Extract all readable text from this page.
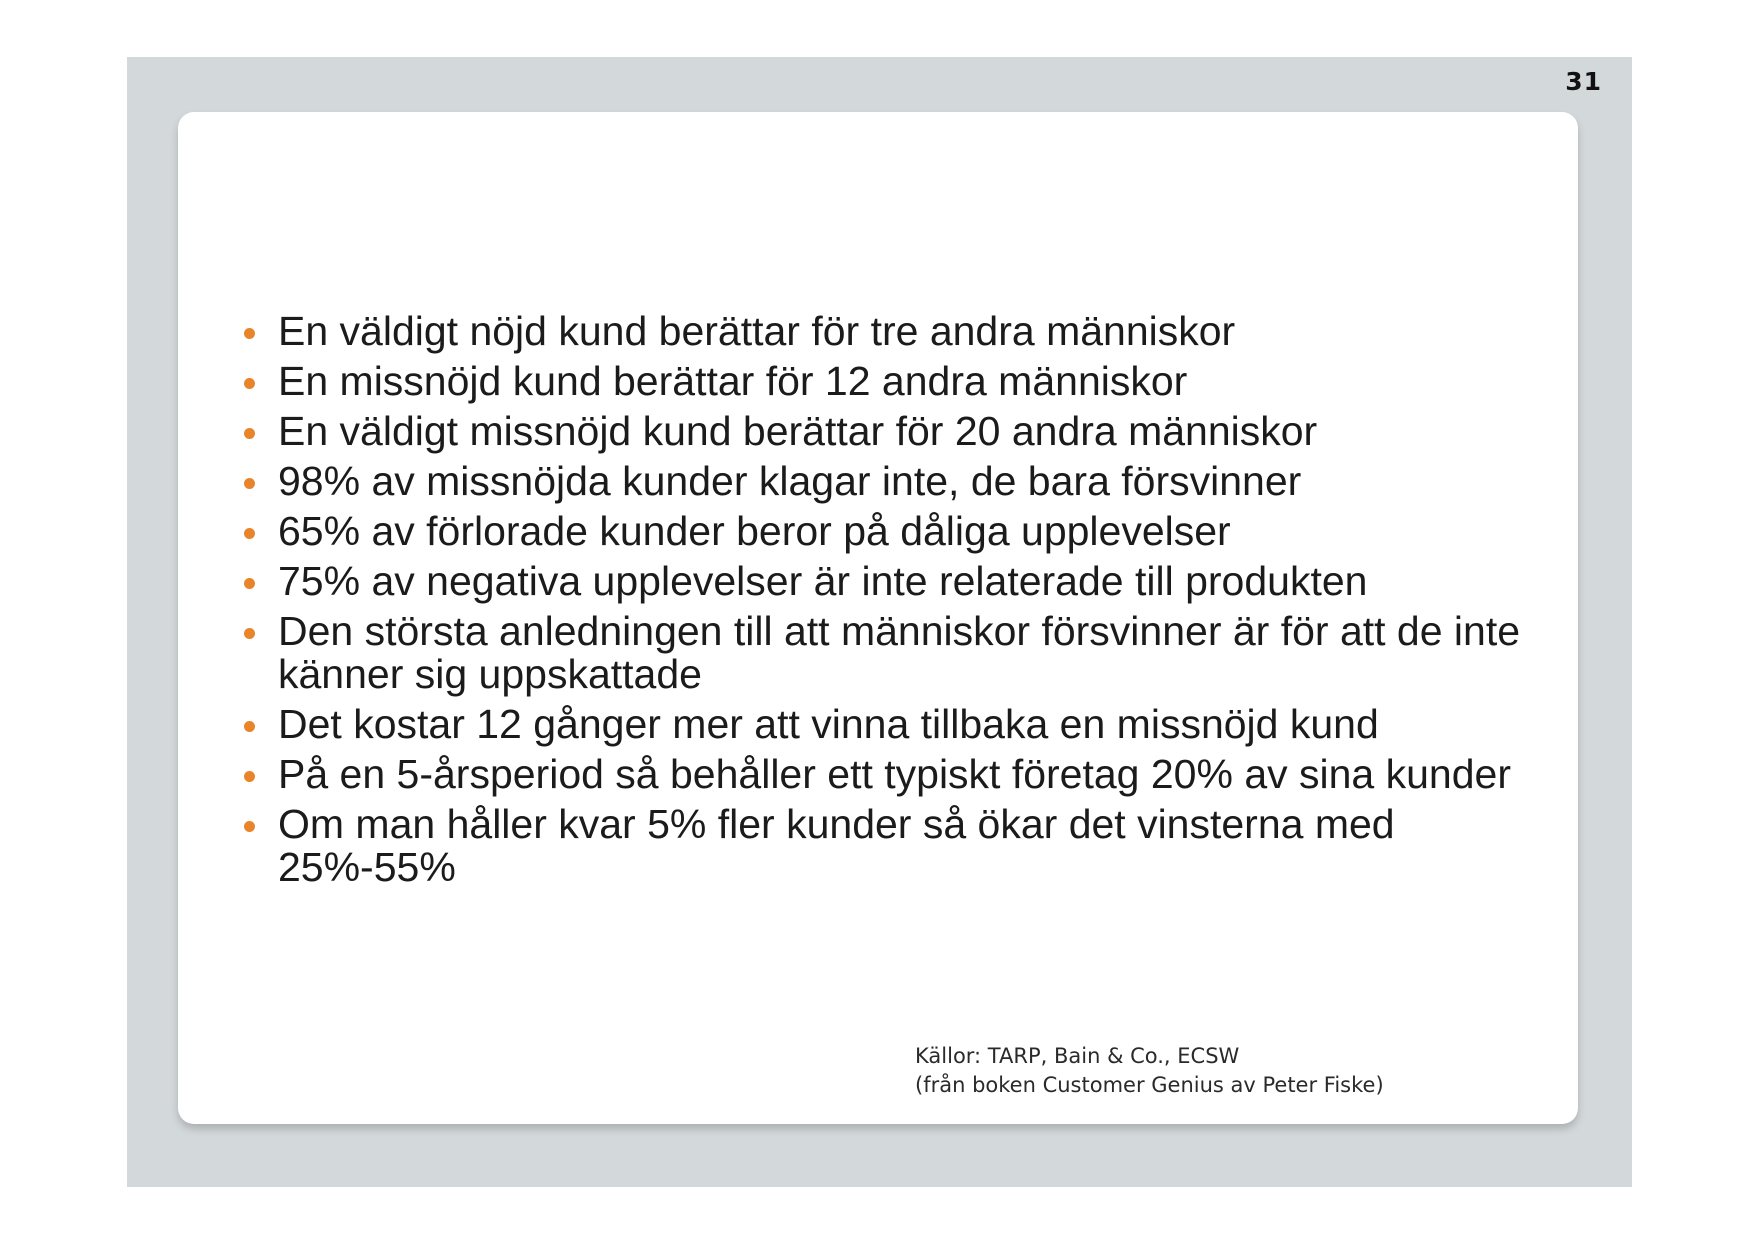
31
En väldigt nöjd kund berättar för tre andra människor
En missnöjd kund berättar för 12 andra människor
En väldigt missnöjd kund berättar för 20 andra människor
98% av missnöjda kunder klagar inte, de bara försvinner
65% av förlorade kunder beror på dåliga upplevelser
75% av negativa upplevelser är inte relaterade till produkten
Den största anledningen till att människor försvinner är för att de inte känner sig uppskattade
Det kostar 12 gånger mer att vinna tillbaka en missnöjd kund
På en 5-årsperiod så behåller ett typiskt företag 20% av sina kunder
Om man håller kvar 5% fler kunder så ökar det vinsterna med 25%-55%
Källor: TARP, Bain & Co., ECSW
(från boken Customer Genius av Peter Fiske)
